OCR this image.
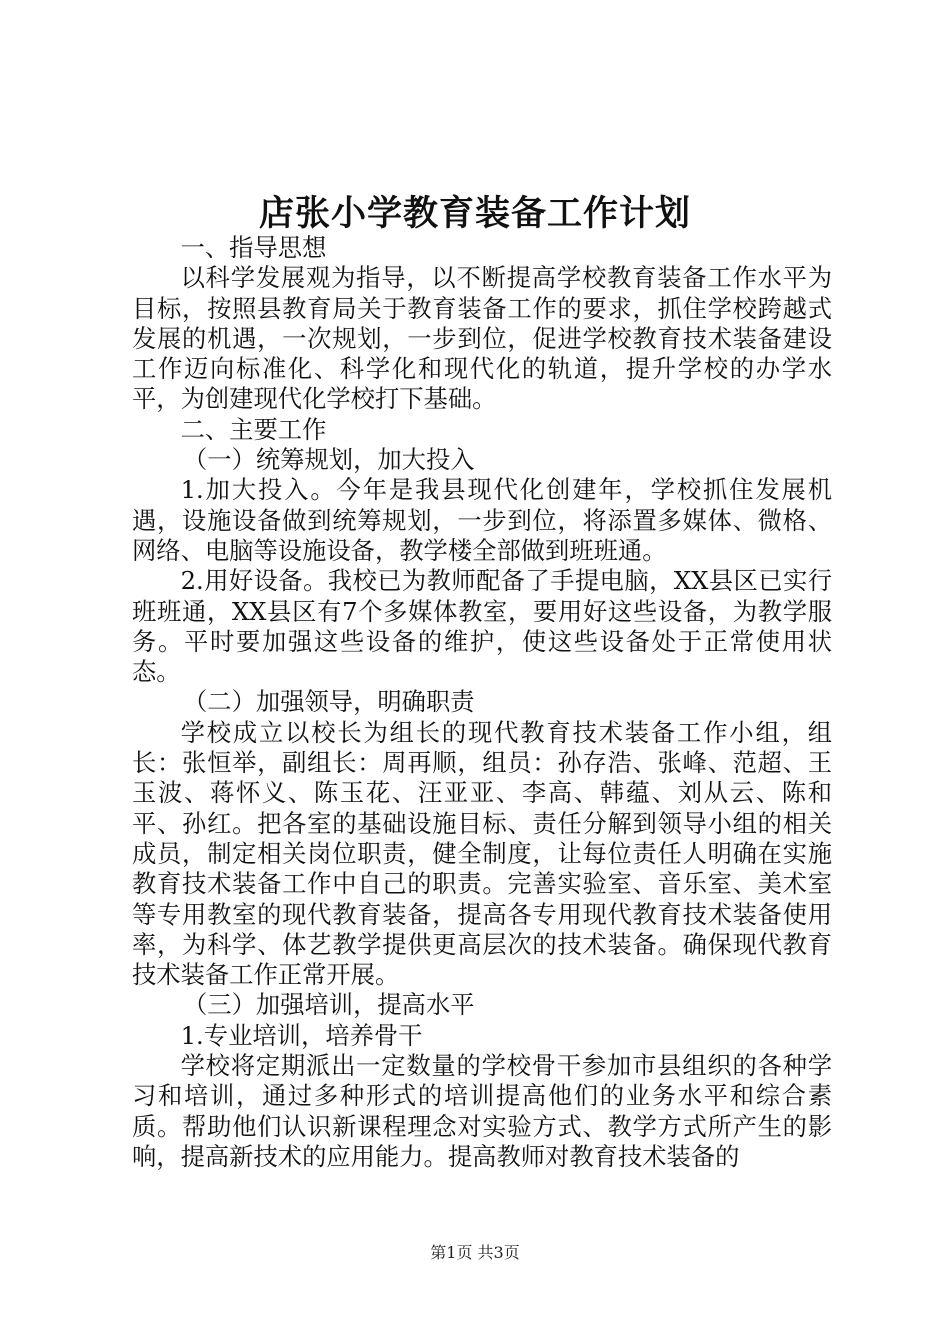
店张小学教育装备工作计划

一、指导思想

以科学发展观为指导，以不断提高学校教育装备工作水平为目标，按照县教育局关于教育装备工作的要求，抓住学校跨越式发展的机遇，一次规划，一步到位，促进学校教育技术装备建设工作迈向标准化、科学化和现代化的轨道，提升学校的办学水平，为创建现代化学校打下基础。

二、主要工作

（一）统筹规划，加大投入

1.加大投入。今年是我县现代化创建年，学校抓住发展机遇，设施设备做到统筹规划，一步到位，将添置多媒体、微格、网络、电脑等设施设备，教学楼全部做到班班通。

2.用好设备。我校已为教师配备了手提电脑，XX县区已实行班班通，XX县区有7个多媒体教室，要用好这些设备，为教学服务。平时要加强这些设备的维护，使这些设备处于正常使用状态。

（二）加强领导，明确职责

学校成立以校长为组长的现代教育技术装备工作小组，组长：张恒举，副组长：周再顺，组员：孙存浩、张峰、范超、王玉波、蒋怀义、陈玉花、汪亚亚、李高、韩蕴、刘从云、陈和平、孙红。把各室的基础设施目标、责任分解到领导小组的相关成员，制定相关岗位职责，健全制度，让每位责任人明确在实施教育技术装备工作中自己的职责。完善实验室、音乐室、美术室等专用教室的现代教育装备，提高各专用现代教育技术装备使用率，为科学、体艺教学提供更高层次的技术装备。确保现代教育技术装备工作正常开展。

（三）加强培训，提高水平

1.专业培训，培养骨干

学校将定期派出一定数量的学校骨干参加市县组织的各种学习和培训，通过多种形式的培训提高他们的业务水平和综合素质。帮助他们认识新课程理念对实验方式、教学方式所产生的影响，提高新技术的应用能力。提高教师对教育技术装备的

第1页 共3页
